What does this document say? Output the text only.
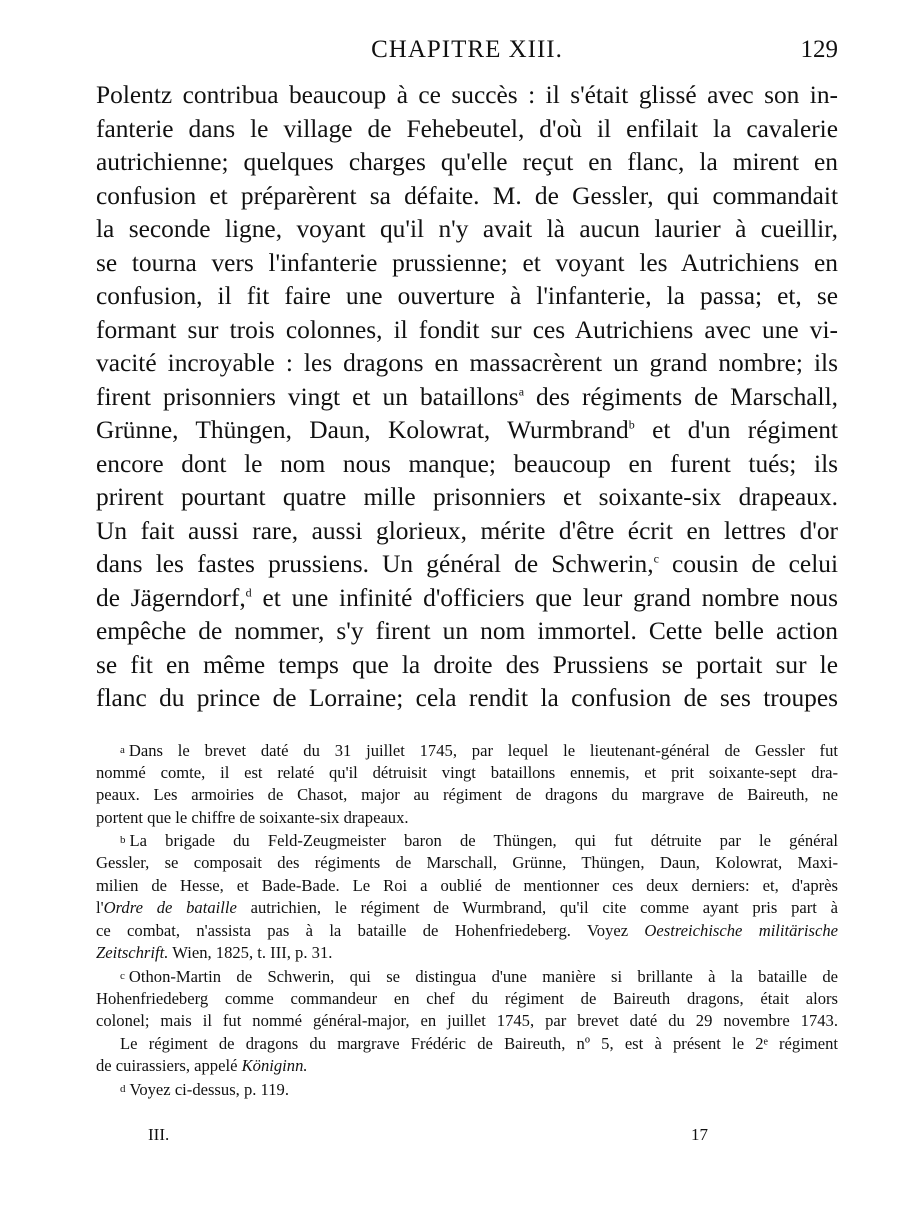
CHAPITRE XIII.	129
Polentz contribua beaucoup à ce succès : il s'était glissé avec son in-
fanterie dans le village de Fehebeutel, d'où il enfilait la cavalerie
autrichienne; quelques charges qu'elle reçut en flanc, la mirent en
confusion et préparèrent sa défaite. M. de Gessler, qui commandait
la seconde ligne, voyant qu'il n'y avait là aucun laurier à cueillir,
se tourna vers l'infanterie prussienne; et voyant les Autrichiens en
confusion, il fit faire une ouverture à l'infanterie, la passa; et, se
formant sur trois colonnes, il fondit sur ces Autrichiens avec une vi-
vacité incroyable : les dragons en massacrèrent un grand nombre; ils
firent prisonniers vingt et un bataillons$^a$ des régiments de Marschall,
Grünne, Thüngen, Daun, Kolowrat, Wurmbrand$^b$ et d'un régiment
encore dont le nom nous manque; beaucoup en furent tués; ils
prirent pourtant quatre mille prisonniers et soixante-six drapeaux.
Un fait aussi rare, aussi glorieux, mérite d'être écrit en lettres d'or
dans les fastes prussiens. Un général de Schwerin,$^c$ cousin de celui
de Jägerndorf,$^d$ et une infinité d'officiers que leur grand nombre nous
empêche de nommer, s'y firent un nom immortel. Cette belle action
se fit en même temps que la droite des Prussiens se portait sur le
flanc du prince de Lorraine; cela rendit la confusion de ses troupes
a Dans le brevet daté du 31 juillet 1745, par lequel le lieutenant-général de Gessler fut
nommé comte, il est relaté qu'il détruisit vingt bataillons ennemis, et prit soixante-sept dra-
peaux. Les armoiries de Chasot, major au régiment de dragons du margrave de Baireuth, ne
portent que le chiffre de soixante-six drapeaux.
b La brigade du Feld-Zeugmeister baron de Thüngen, qui fut détruite par le général
Gessler, se composait des régiments de Marschall, Grünne, Thüngen, Daun, Kolowrat, Maxi-
milien de Hesse, et Bade-Bade. Le Roi a oublié de mentionner ces deux derniers: et, d'après
l'Ordre de bataille autrichien, le régiment de Wurmbrand, qu'il cite comme ayant pris part à
ce combat, n'assista pas à la bataille de Hohenfriedeberg. Voyez Oestreichische militärische
Zeitschrift. Wien, 1825, t. III, p. 31.
c Othon-Martin de Schwerin, qui se distingua d'une manière si brillante à la bataille de
Hohenfriedeberg comme commandeur en chef du régiment de Baireuth dragons, était alors
colonel; mais il fut nommé général-major, en juillet 1745, par brevet daté du 29 novembre 1743.
Le régiment de dragons du margrave Frédéric de Baireuth, nº 5, est à présent le 2ᵉ régiment
de cuirassiers, appelé Königinn.
d Voyez ci-dessus, p. 119.
III.	17
